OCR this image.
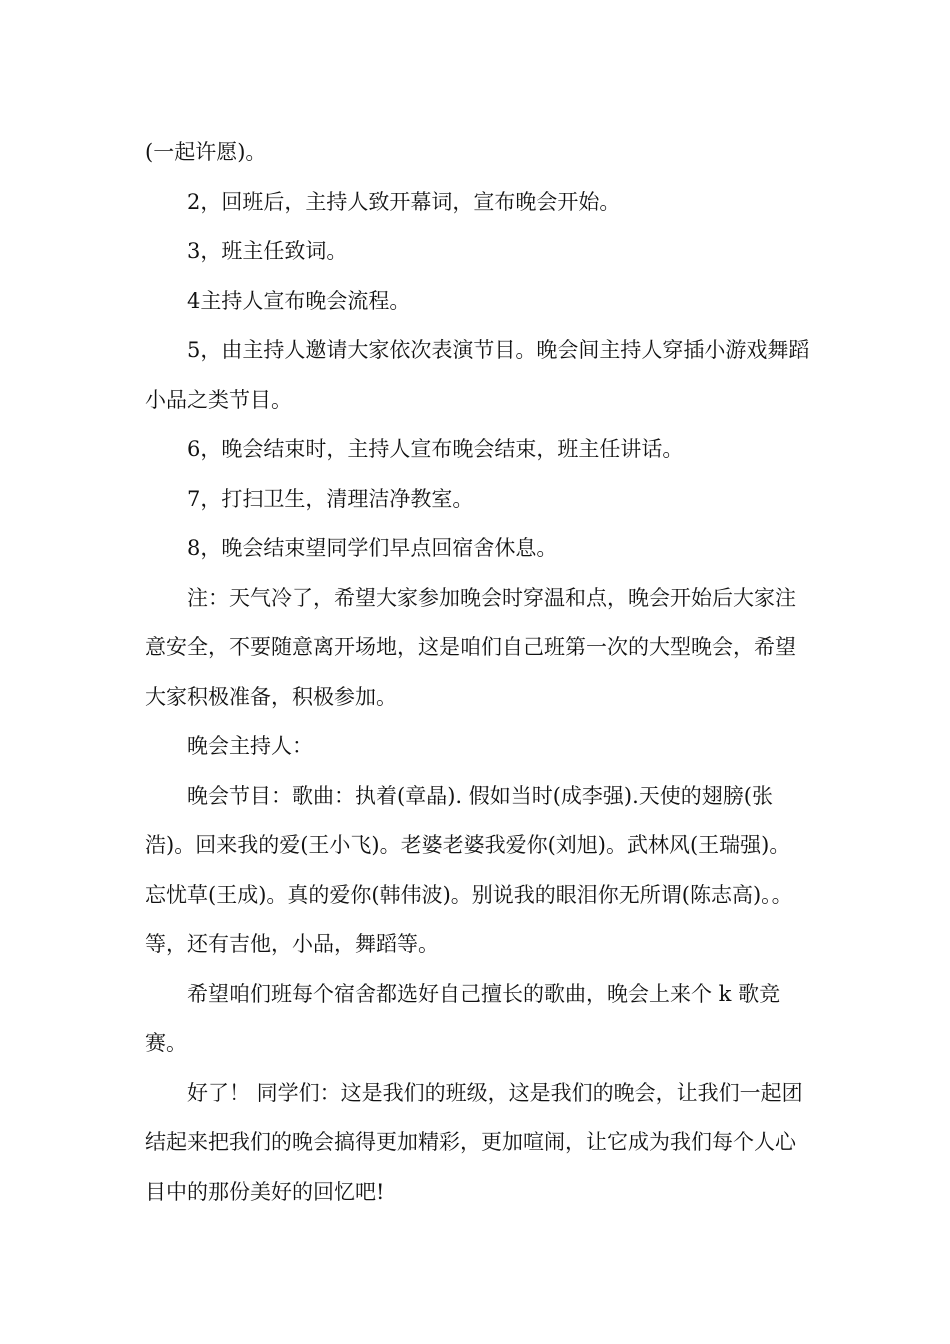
(一起许愿)。

2，回班后，主持人致开幕词，宣布晚会开始。

3，班主任致词。

4主持人宣布晚会流程。

5，由主持人邀请大家依次表演节目。晚会间主持人穿插小游戏舞蹈 小品之类节目。

6，晚会结束时，主持人宣布晚会结束，班主任讲话。

7，打扫卫生，清理洁净教室。

8，晚会结束望同学们早点回宿舍休息。

注：天气冷了，希望大家参加晚会时穿温和点，晚会开始后大家注意安全，不要随意离开场地，这是咱们自己班第一次的大型晚会，希望大家积极准备，积极参加。

晚会主持人：

晚会节目：歌曲：执着(章晶). 假如当时(成李强).天使的翅膀(张浩)。回来我的爱(王小飞)。老婆老婆我爱你(刘旭)。武林风(王瑞强)。忘忧草(王成)。真的爱你(韩伟波)。别说我的眼泪你无所谓(陈志高)。。等，还有吉他，小品，舞蹈等。

希望咱们班每个宿舍都选好自己擅长的歌曲，晚会上来个 k 歌竞赛。

好了！ 同学们：这是我们的班级，这是我们的晚会，让我们一起团结起来把我们的晚会搞得更加精彩，更加喧闹，让它成为我们每个人心目中的那份美好的回忆吧!
